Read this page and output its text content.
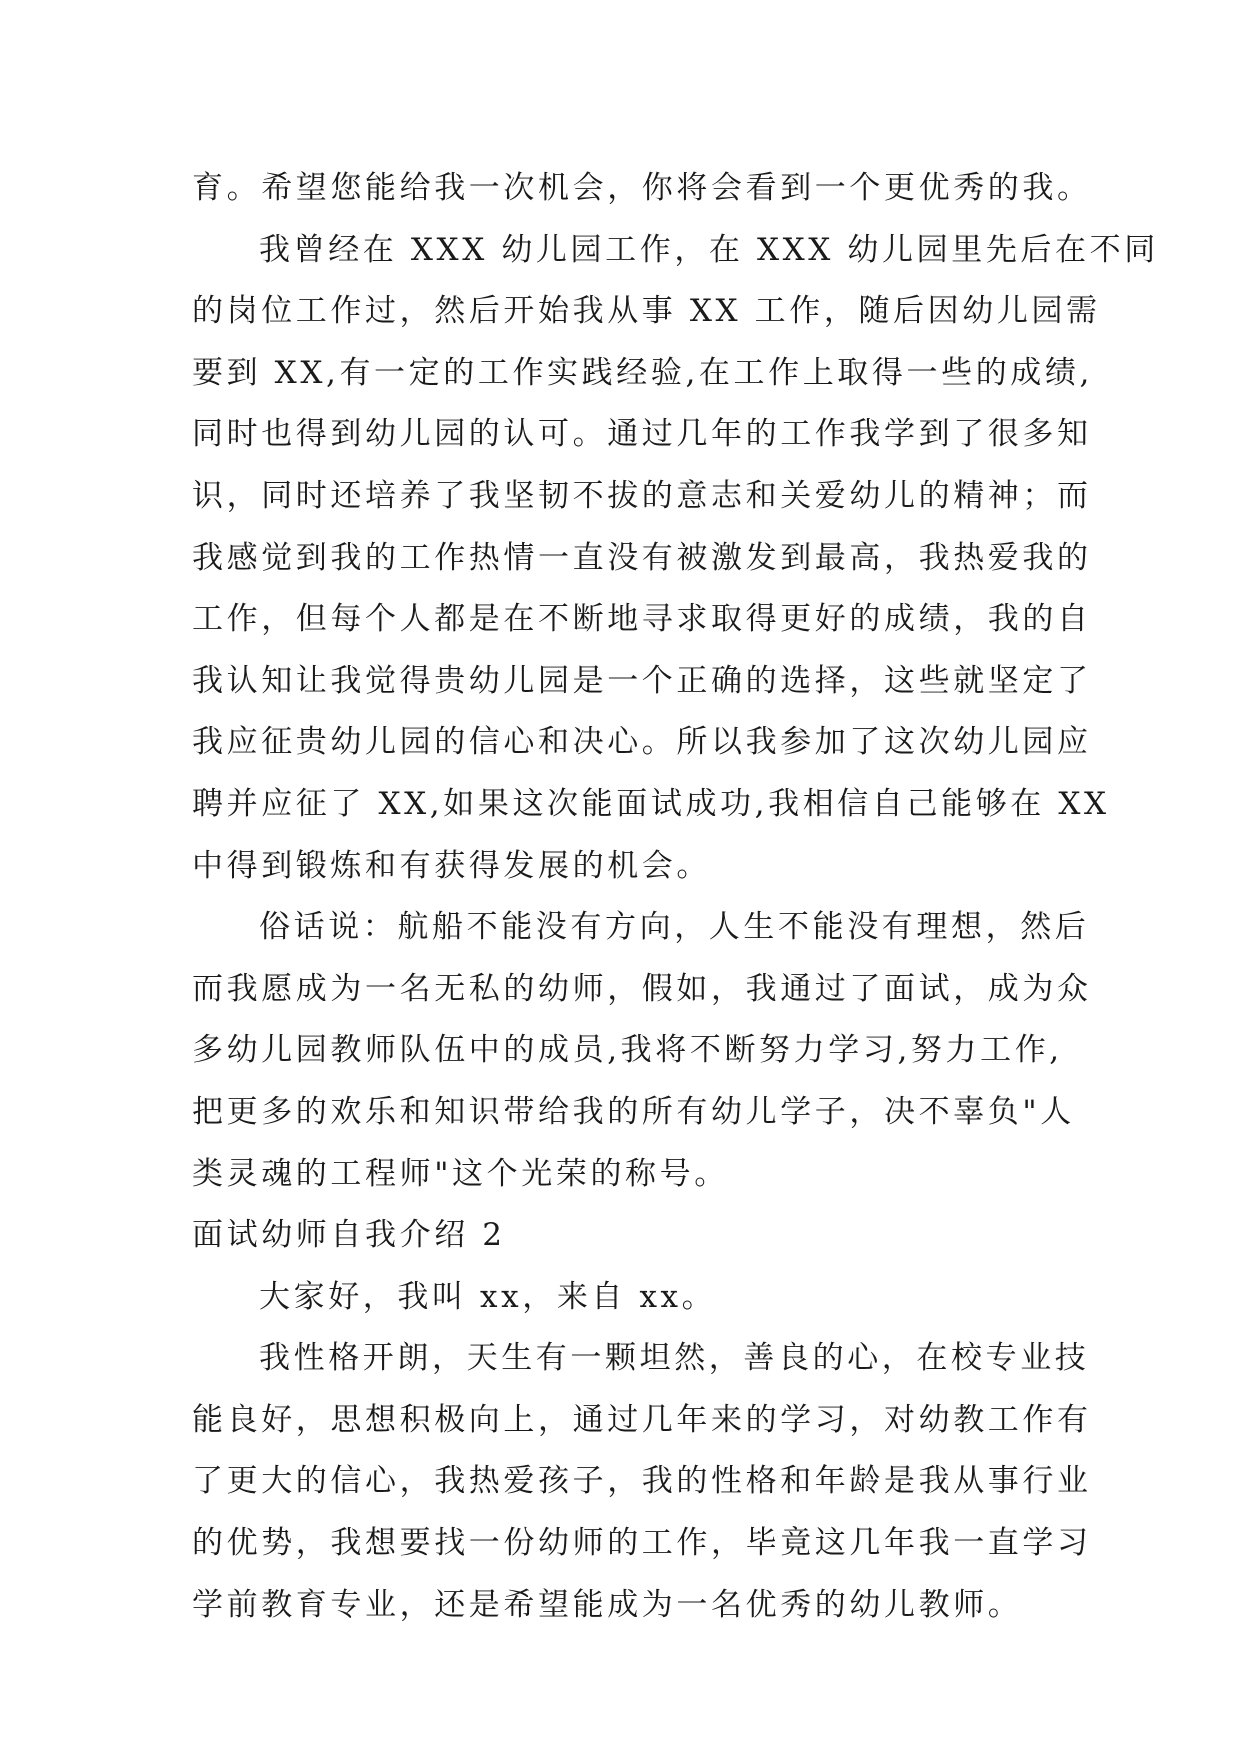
育。希望您能给我一次机会，你将会看到一个更优秀的我。
我曾经在 XXX 幼儿园工作，在 XXX 幼儿园里先后在不同
的岗位工作过，然后开始我从事 XX 工作，随后因幼儿园需
要到 XX,有一定的工作实践经验,在工作上取得一些的成绩,
同时也得到幼儿园的认可。通过几年的工作我学到了很多知
识，同时还培养了我坚韧不拔的意志和关爱幼儿的精神；而
我感觉到我的工作热情一直没有被激发到最高，我热爱我的
工作，但每个人都是在不断地寻求取得更好的成绩，我的自
我认知让我觉得贵幼儿园是一个正确的选择，这些就坚定了
我应征贵幼儿园的信心和决心。所以我参加了这次幼儿园应
聘并应征了 XX,如果这次能面试成功,我相信自己能够在 XX
中得到锻炼和有获得发展的机会。
俗话说：航船不能没有方向，人生不能没有理想，然后
而我愿成为一名无私的幼师，假如，我通过了面试，成为众
多幼儿园教师队伍中的成员,我将不断努力学习,努力工作,
把更多的欢乐和知识带给我的所有幼儿学子，决不辜负"人
类灵魂的工程师"这个光荣的称号。
面试幼师自我介绍 2
大家好，我叫 xx，来自 xx。
我性格开朗，天生有一颗坦然，善良的心，在校专业技
能良好，思想积极向上，通过几年来的学习，对幼教工作有
了更大的信心，我热爱孩子，我的性格和年龄是我从事行业
的优势，我想要找一份幼师的工作，毕竟这几年我一直学习
学前教育专业，还是希望能成为一名优秀的幼儿教师。
